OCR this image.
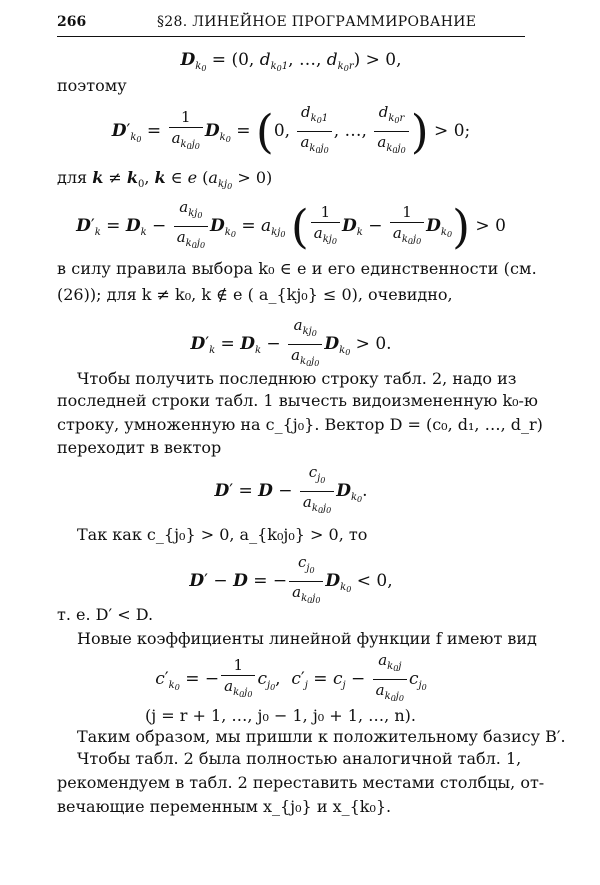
266	§28. ЛИНЕЙНОЕ ПРОГРАММИРОВАНИЕ
$D_{k_0} = (0$, $d_{k_01}$, …, $d_{k_0r}) > 0$,
поэтому
$D'_{k_0} = \frac{1}{a_{k_0j_0}} D_{k_0} = (0$, $\frac{d_{k_01}}{a_{k_0j_0}}$ , …, $\frac{d_{k_0r}}{a_{k_0j_0}}$ ) > 0;
для $k \ne k_0$, k ∈ e $(a_{kj_0} > 0)$
$D'_k = D_k$ −
$a_{kj_0}$
$a_{k_0j_0}$
$D_{k_0} = a_{kj_0}$ ( 1
$a_{kj_0}$
$D_k - \frac{1}{a_{k_0j_0}} D_{k_0}) > 0$
в силу правила выбора k₀ ∈ e и его единственности (см.
(26)); для k ≠ k₀, k ∉ e ( a_{kj₀} ≤ 0), очевидно,
$D'_k = D_k$ −
$a_{kj_0}$
$a_{k_0j_0}$
$D_{k_0} > 0$.
Чтобы получить последнюю строку табл. 2, надо из
последней строки табл. 1 вычесть видоизмененную k₀-ю
строку, умноженную на c_{j₀}. Вектор D = (c₀, d₁, …, d_r)
переходит в вектор
$D' = D - \frac{c_{j_0}}{a_{k_0j_0}} D_{k_0}$.
Так как c_{j₀} > 0, a_{k₀j₀} > 0, то
D′ − D = − $\frac{c_{j_0}}{a_{k_0j_0}} D_{k_0} < 0$,
т. е. D′ < D.
Новые коэффициенты линейной функции f имеют вид
$c'_{k_0}$ = − $\frac{1}{a_{k_0j_0}} c_{j_0}$,  $c'_j = c_j - \frac{a_{k_0j}}{a_{k_0j_0}} c_{j_0}$
(j = r + 1, …, j₀ − 1, j₀ + 1, …, n).
Таким образом, мы пришли к положительному базису B′.
Чтобы табл. 2 была полностью аналогичной табл. 1,
рекомендуем в табл. 2 переставить местами столбцы, от-
вечающие переменным x_{j₀} и x_{k₀}.
